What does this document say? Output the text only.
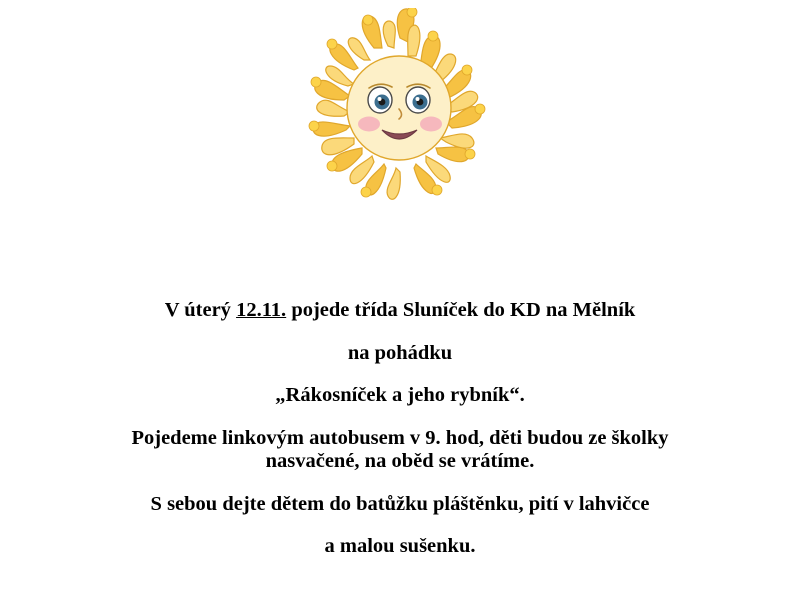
V úterý 12.11. pojede třída Sluníček do KD na Mělník

na pohádku

„Rákosníček a jeho rybník“.

Pojedeme linkovým autobusem v 9. hod, děti budou ze školky

nasvačené, na oběd se vrátíme.

S sebou dejte dětem do batůžku pláštěnku, pití v lahvičce

a malou sušenku.
